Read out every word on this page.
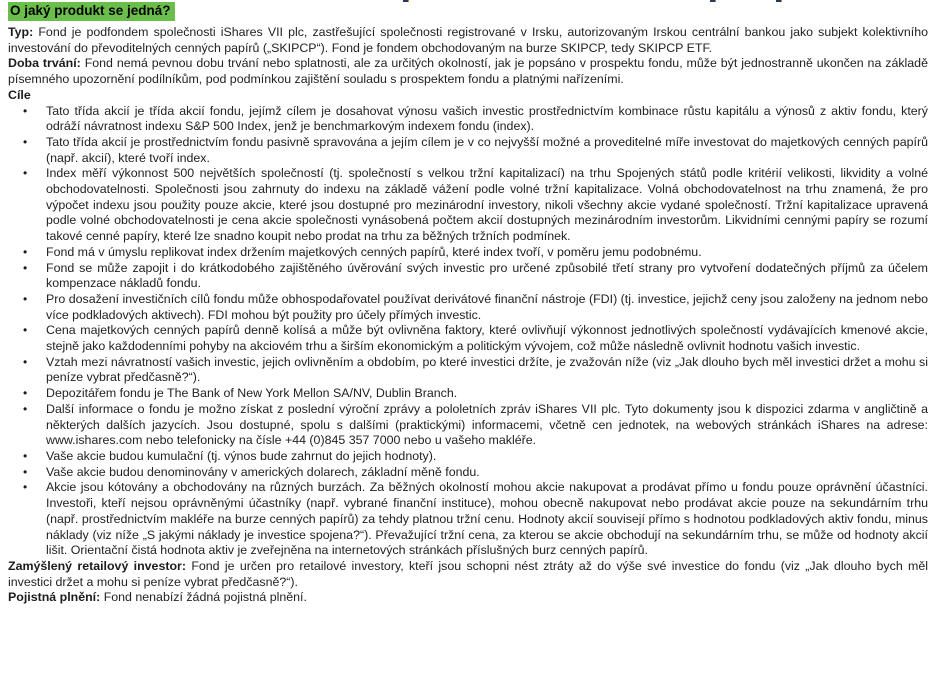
O jaký produkt se jedná?

Typ: Fond je podfondem společnosti iShares VII plc, zastřešující společnosti registrované v Irsku, autorizovaným Irskou centrální bankou jako subjekt kolektivního investování do převoditelných cenných papírů („SKIPCP“). Fond je fondem obchodovaným na burze SKIPCP, tedy SKIPCP ETF.

Doba trvání: Fond nemá pevnou dobu trvání nebo splatnosti, ale za určitých okolností, jak je popsáno v prospektu fondu, může být jednostranně ukončen na základě písemného upozornění podílníkům, pod podmínkou zajištění souladu s prospektem fondu a platnými nařízeními.

Cíle

• Tato třída akcií je třída akcií fondu, jejímž cílem je dosahovat výnosu vašich investic prostřednictvím kombinace růstu kapitálu a výnosů z aktiv fondu, který odráží návratnost indexu S&P 500 Index, jenž je benchmarkovým indexem fondu (index).
• Tato třída akcií je prostřednictvím fondu pasivně spravována a jejím cílem je v co nejvyšší možné a proveditelné míře investovat do majetkových cenných papírů (např. akcií), které tvoří index.
• Index měří výkonnost 500 největších společností (tj. společností s velkou tržní kapitalizací) na trhu Spojených států podle kritérií velikosti, likvidity a volné obchodovatelnosti. Společnosti jsou zahrnuty do indexu na základě vážení podle volné tržní kapitalizace. Volná obchodovatelnost na trhu znamená, že pro výpočet indexu jsou použity pouze akcie, které jsou dostupné pro mezinárodní investory, nikoli všechny akcie vydané společností. Tržní kapitalizace upravená podle volné obchodovatelnosti je cena akcie společnosti vynásobená počtem akcií dostupných mezinárodním investorům. Likvidními cennými papíry se rozumí takové cenné papíry, které lze snadno koupit nebo prodat na trhu za běžných tržních podmínek.
• Fond má v úmyslu replikovat index držením majetkových cenných papírů, které index tvoří, v poměru jemu podobnému.
• Fond se může zapojit i do krátkodobého zajištěného úvěrování svých investic pro určené způsobilé třetí strany pro vytvoření dodatečných příjmů za účelem kompenzace nákladů fondu.
• Pro dosažení investičních cílů fondu může obhospodařovatel používat derivátové finanční nástroje (FDI) (tj. investice, jejichž ceny jsou založeny na jednom nebo více podkladových aktivech). FDI mohou být použity pro účely přímých investic.
• Cena majetkových cenných papírů denně kolísá a může být ovlivněna faktory, které ovlivňují výkonnost jednotlivých společností vydávajících kmenové akcie, stejně jako každodenními pohyby na akciovém trhu a širším ekonomickým a politickým vývojem, což může následně ovlivnit hodnotu vašich investic.
• Vztah mezi návratností vašich investic, jejich ovlivněním a obdobím, po které investici držíte, je zvažován níže (viz „Jak dlouho bych měl investici držet a mohu si peníze vybrat předčasně?“).
• Depozitářem fondu je The Bank of New York Mellon SA/NV, Dublin Branch.
• Další informace o fondu je možno získat z poslední výroční zprávy a pololetních zpráv iShares VII plc. Tyto dokumenty jsou k dispozici zdarma v angličtině a některých dalších jazycích. Jsou dostupné, spolu s dalšími (praktickými) informacemi, včetně cen jednotek, na webových stránkách iShares na adrese: www.ishares.com nebo telefonicky na čísle +44 (0)845 357 7000 nebo u vašeho makléře.
• Vaše akcie budou kumulační (tj. výnos bude zahrnut do jejich hodnoty).
• Vaše akcie budou denominovány v amerických dolarech, základní měně fondu.
• Akcie jsou kótovány a obchodovány na různých burzách. Za běžných okolností mohou akcie nakupovat a prodávat přímo u fondu pouze oprávnění účastníci. Investoři, kteří nejsou oprávněnými účastníky (např. vybrané finanční instituce), mohou obecně nakupovat nebo prodávat akcie pouze na sekundárním trhu (např. prostřednictvím makléře na burze cenných papírů) za tehdy platnou tržní cenu. Hodnoty akcií souvisejí přímo s hodnotou podkladových aktiv fondu, minus náklady (viz níže „S jakými náklady je investice spojena?“). Převažující tržní cena, za kterou se akcie obchodují na sekundárním trhu, se může od hodnoty akcií lišit. Orientační čistá hodnota aktiv je zveřejněna na internetových stránkách příslušných burz cenných papírů.

Zamýšlený retailový investor: Fond je určen pro retailové investory, kteří jsou schopni nést ztráty až do výše své investice do fondu (viz „Jak dlouho bych měl investici držet a mohu si peníze vybrat předčasně?“).

Pojistná plnění: Fond nenabízí žádná pojistná plnění.
